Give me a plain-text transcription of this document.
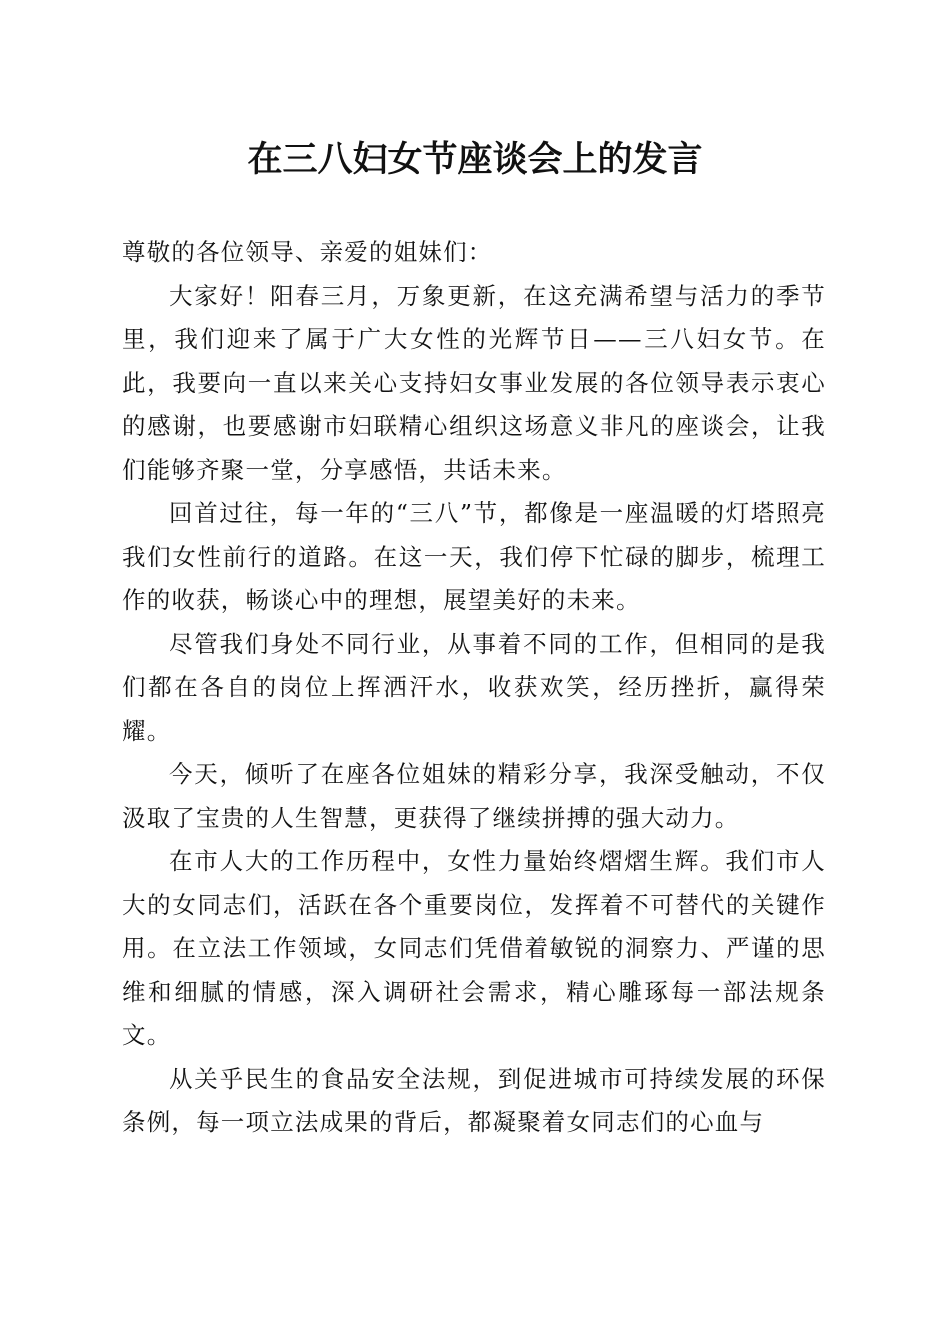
在三八妇女节座谈会上的发言

尊敬的各位领导、亲爱的姐妹们：

大家好！阳春三月，万象更新，在这充满希望与活力的季节里，我们迎来了属于广大女性的光辉节日——三八妇女节。在此，我要向一直以来关心支持妇女事业发展的各位领导表示衷心的感谢，也要感谢市妇联精心组织这场意义非凡的座谈会，让我们能够齐聚一堂，分享感悟，共话未来。

回首过往，每一年的“三八”节，都像是一座温暖的灯塔照亮我们女性前行的道路。在这一天，我们停下忙碌的脚步，梳理工作的收获，畅谈心中的理想，展望美好的未来。

尽管我们身处不同行业，从事着不同的工作，但相同的是我们都在各自的岗位上挥洒汗水，收获欢笑，经历挫折，赢得荣耀。

今天，倾听了在座各位姐妹的精彩分享，我深受触动，不仅汲取了宝贵的人生智慧，更获得了继续拼搏的强大动力。

在市人大的工作历程中，女性力量始终熠熠生辉。我们市人大的女同志们，活跃在各个重要岗位，发挥着不可替代的关键作用。在立法工作领域，女同志们凭借着敏锐的洞察力、严谨的思维和细腻的情感，深入调研社会需求，精心雕琢每一部法规条文。

从关乎民生的食品安全法规，到促进城市可持续发展的环保条例，每一项立法成果的背后，都凝聚着女同志们的心血与
